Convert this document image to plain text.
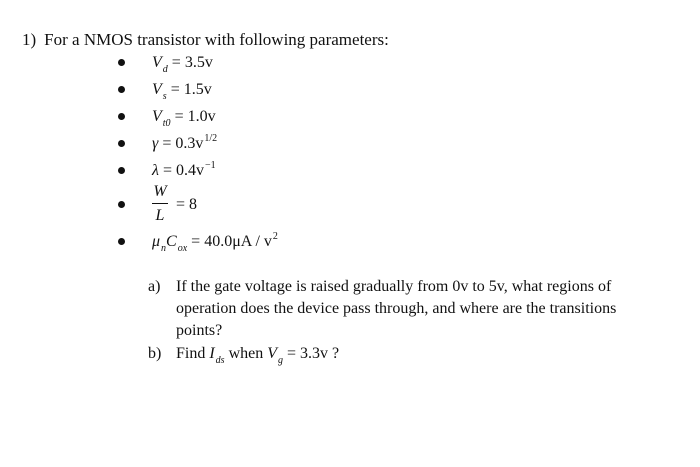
1) For a NMOS transistor with following parameters:
$V_d = 3.5v$
$V_s = 1.5v$
$V_{t0} = 1.0v$
$\gamma = 0.3v^{1/2}$
$\lambda = 0.4v^{-1}$
W
L
= 8
$\mu_nC_{ox} = 40.0\mu A / v^2$
a) If the gate voltage is raised gradually from 0v to 5v, what regions of operation does the device pass through, and where are the transitions points?
b) Find $I_{ds}$ when $V_g = 3.3v$ ?
